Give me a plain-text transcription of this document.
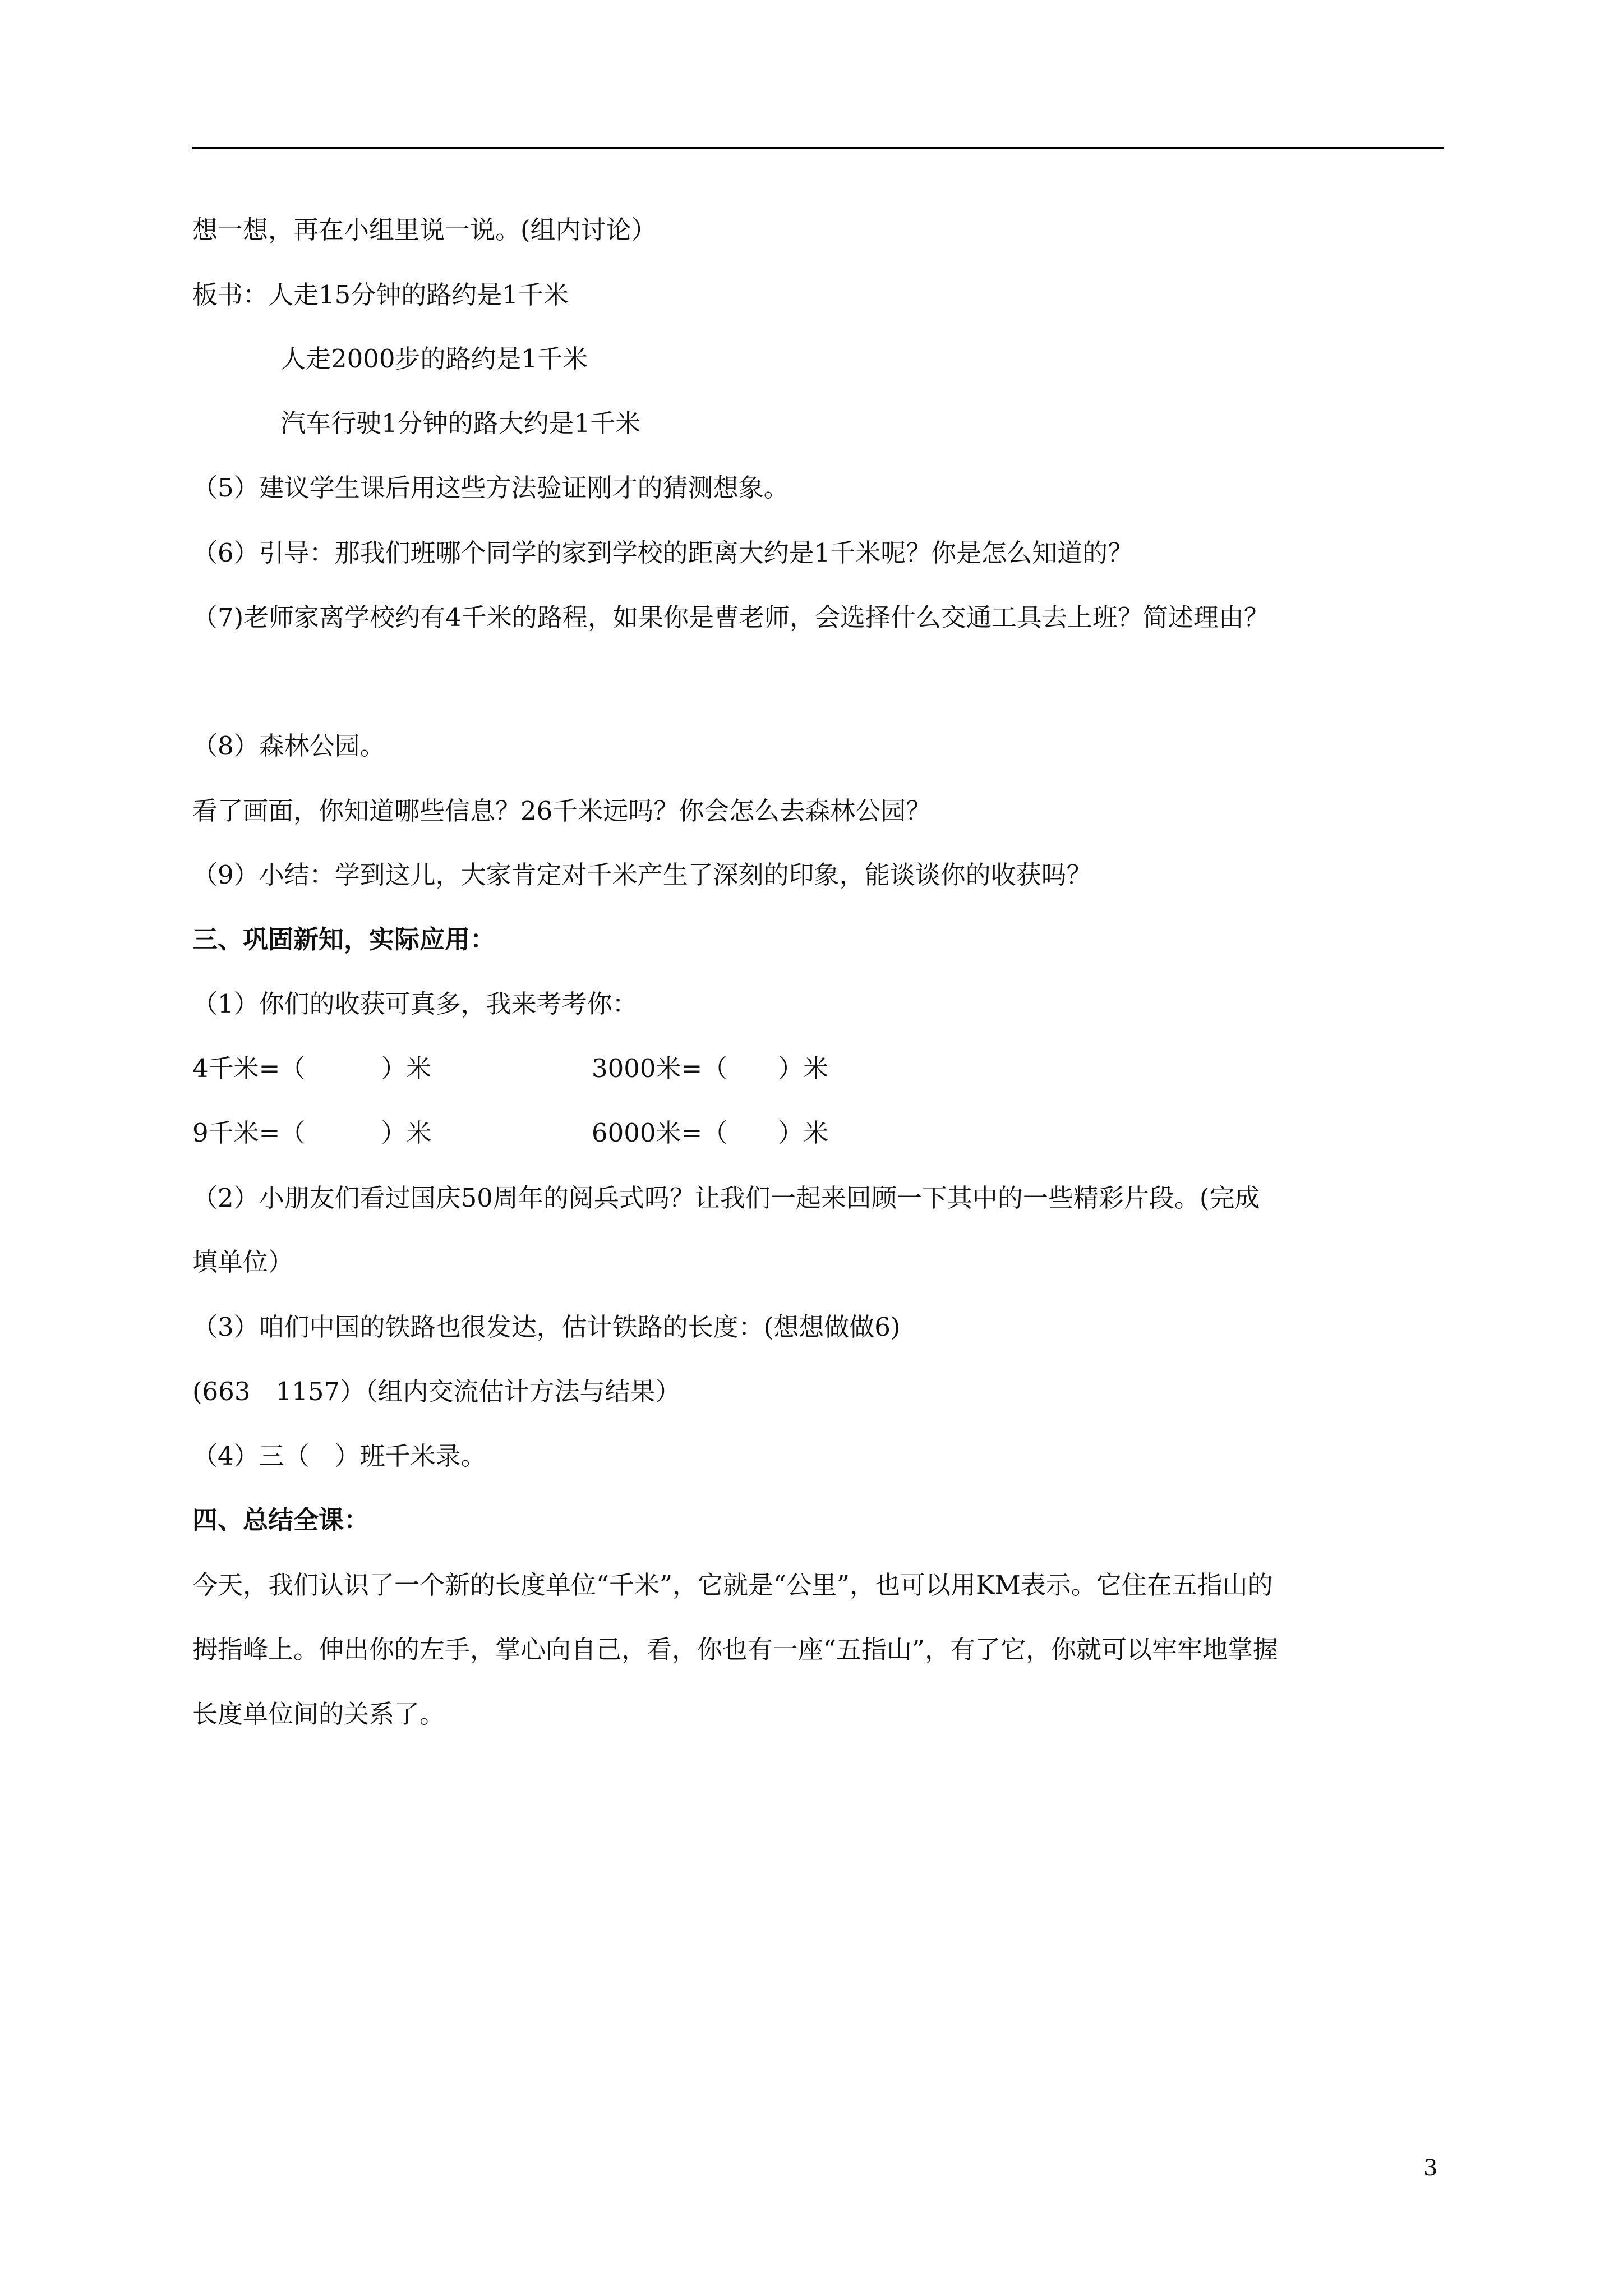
想一想，再在小组里说一说。(组内讨论）
板书：人走15分钟的路约是1千米
人走2000步的路约是1千米
汽车行驶1分钟的路大约是1千米
（5）建议学生课后用这些方法验证刚才的猜测想象。
（6）引导：那我们班哪个同学的家到学校的距离大约是1千米呢？你是怎么知道的？
（7)老师家离学校约有4千米的路程，如果你是曹老师，会选择什么交通工具去上班？简述理由？
（8）森林公园。
看了画面，你知道哪些信息？26千米远吗？你会怎么去森林公园？
（9）小结：学到这儿，大家肯定对千米产生了深刻的印象，能谈谈你的收获吗？
三、巩固新知，实际应用：
（1）你们的收获可真多，我来考考你：
4千米=（　　　）米	3000米=（　　）米
9千米=（　　　）米	6000米=（　　）米
（2）小朋友们看过国庆50周年的阅兵式吗？让我们一起来回顾一下其中的一些精彩片段。(完成
填单位）
（3）咱们中国的铁路也很发达，估计铁路的长度：(想想做做6)
(663　1157）（组内交流估计方法与结果）
（4）三（　）班千米录。
四、总结全课：
今天，我们认识了一个新的长度单位“千米”，它就是“公里”，也可以用KM表示。它住在五指山的
拇指峰上。伸出你的左手，掌心向自己，看，你也有一座“五指山”，有了它，你就可以牢牢地掌握
长度单位间的关系了。
3
